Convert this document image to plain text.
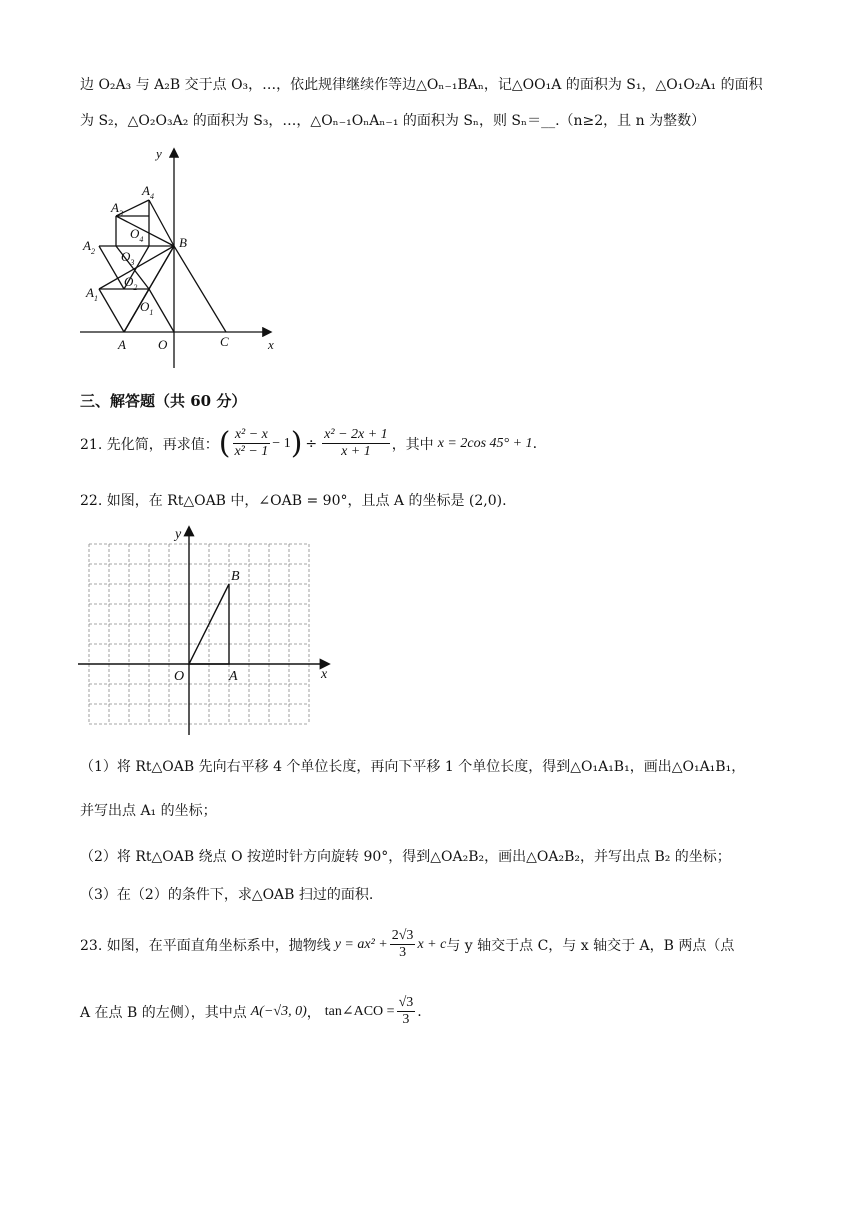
边 O₂A₃ 与 A₂B 交于点 O₃，…，依此规律继续作等边△Oₙ₋₁BAₙ，记△OO₁A 的面积为 S₁，△O₁O₂A₁ 的面积
为 S₂，△O₂O₃A₂ 的面积为 S₃，…，△Oₙ₋₁OₙAₙ₋₁ 的面积为 Sₙ，则 Sₙ＝__.（n≥2，且 n 为整数）
x
y
A O	C
B
$A_1$
$A_2$
$A_3$
$A_4$
$O_1$
$O_2$
$O_3$
$O_4$
三、解答题（共 60 分）
21. 先化简，再求值： ( $\frac{\text{x² − x}}{\text{x² − 1}} - 1$ ) ÷ $\frac{\text{x² − 2x + 1}}{x + 1}$ ，其中 x = 2cos 45° + 1 .
22. 如图，在 Rt△OAB 中，∠OAB = 90°，且点 A 的坐标是 (2,0).
x
y
O	A
B
（1）将 Rt△OAB 先向右平移 4 个单位长度，再向下平移 1 个单位长度，得到△O₁A₁B₁，画出△O₁A₁B₁，
并写出点 A₁ 的坐标；
（2）将 Rt△OAB 绕点 O 按逆时针方向旋转 90°，得到△OA₂B₂，画出△OA₂B₂，并写出点 B₂ 的坐标；
（3）在（2）的条件下，求△OAB 扫过的面积.
23. 如图，在平面直角坐标系中，抛物线 $y = ax^2 + \frac{2√3}{3}$ x + c 与 y 轴交于点 C，与 x 轴交于 A，B 两点（点
A 在点 B 的左侧），其中点 A(−√3, 0) ， tan∠ACO = $\frac{√3}{3}$ .
